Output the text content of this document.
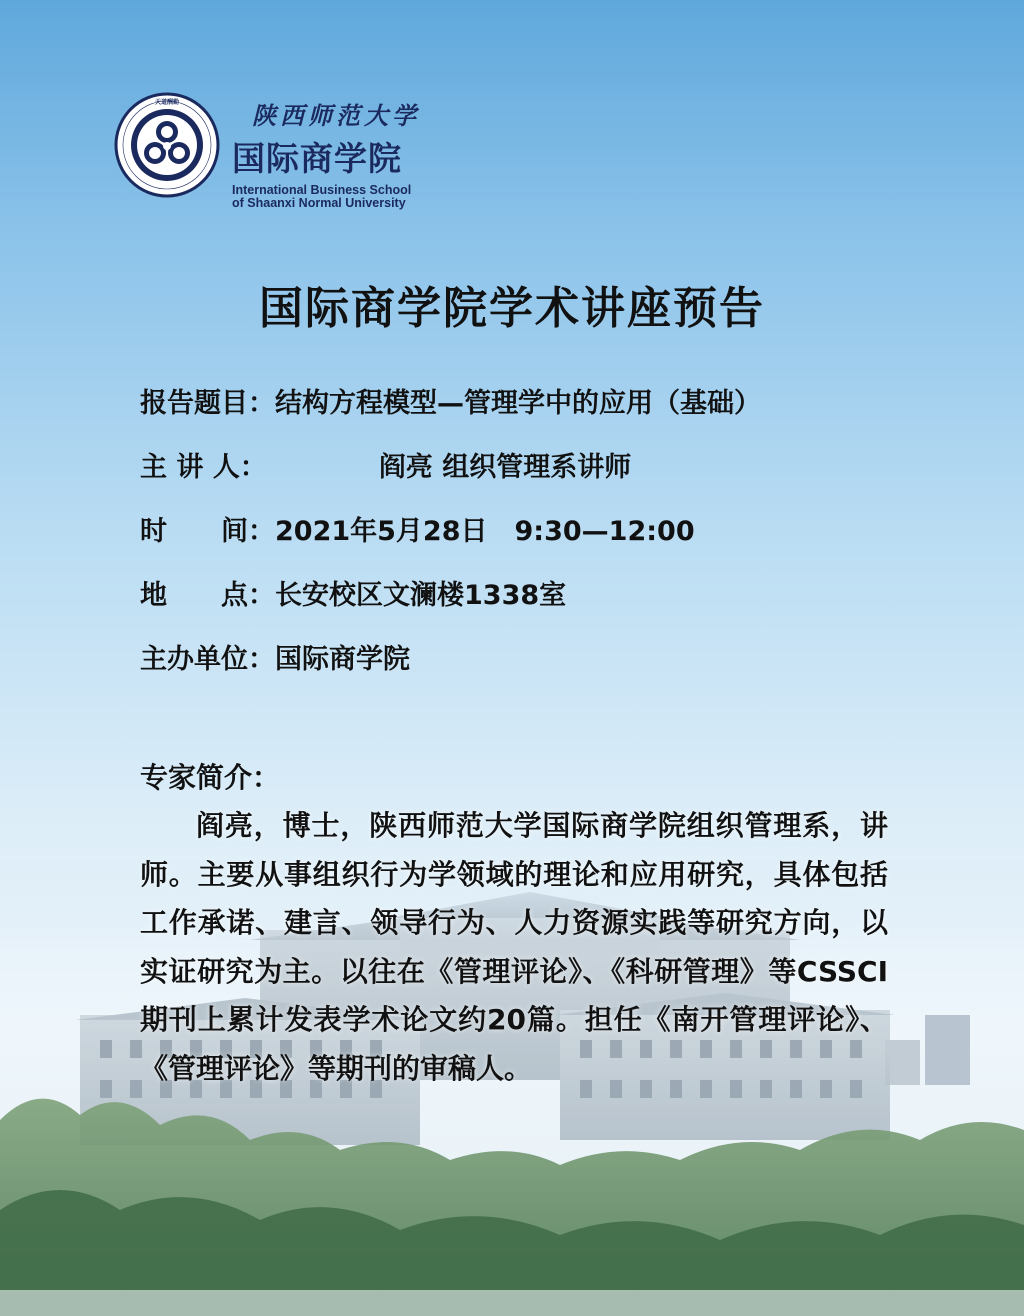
天道酬勤	陕西师范大学
国际商学院
International Business School
of Shaanxi Normal University
国际商学院学术讲座预告
报告题目： 结构方程模型—管理学中的应用（基础）
主 讲 人：	阎亮 组织管理系讲师
时　　间： 2021年5月28日　9:30—12:00
地　　点： 长安校区文澜楼1338室
主办单位： 国际商学院
专家简介：
阎亮，博士，陕西师范大学国际商学院组织管理系，讲师。主要从事组织行为学领域的理论和应用研究，具体包括工作承诺、建言、领导行为、人力资源实践等研究方向，以实证研究为主。以往在《管理评论》、《科研管理》等CSSCI期刊上累计发表学术论文约20篇。担任《南开管理评论》、《管理评论》等期刊的审稿人。
